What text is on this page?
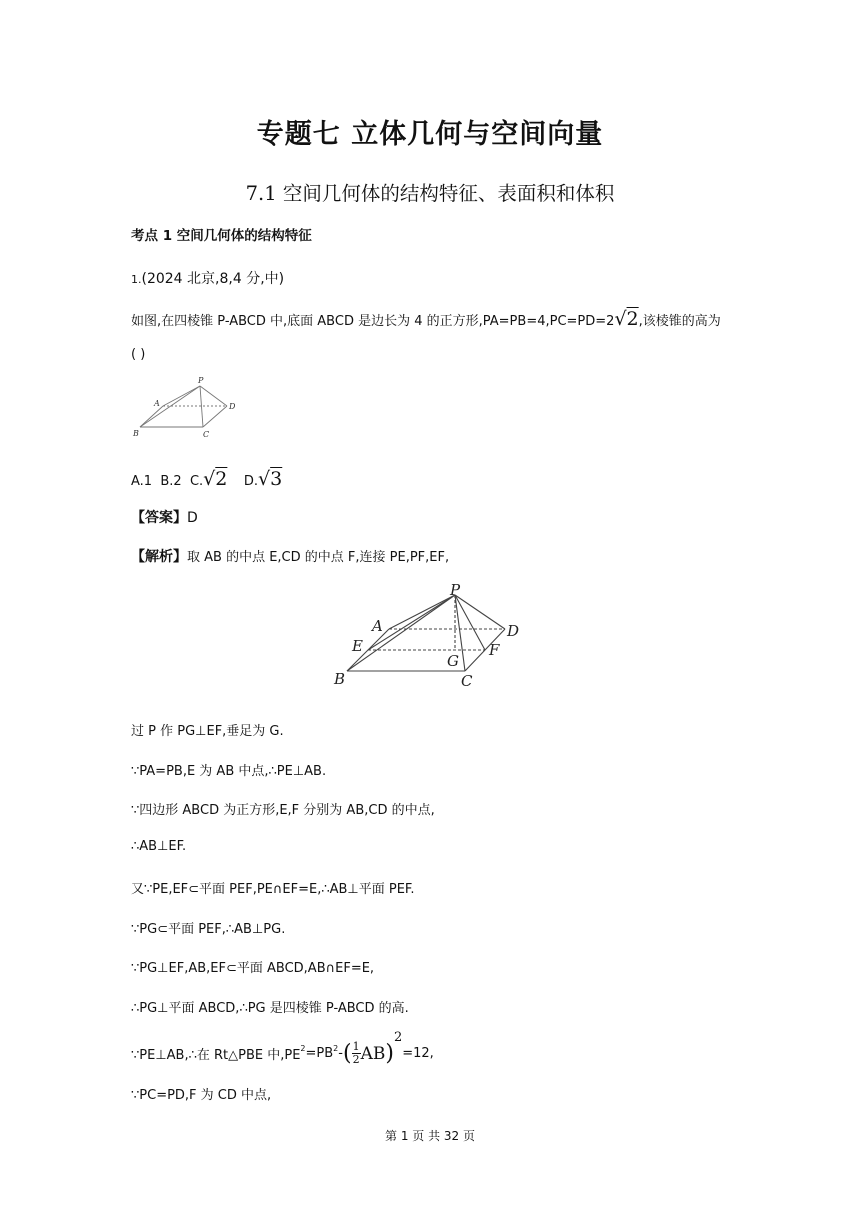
专题七 立体几何与空间向量
7.1 空间几何体的结构特征、表面积和体积
考点 1 空间几何体的结构特征
1.(2024 北京,8,4 分,中)
如图,在四棱锥 P-ABCD 中,底面 ABCD 是边长为 4 的正方形,PA=PB=4,PC=PD=2√2,该棱锥的高为
( )
P
A	D
B	C
A.1 B.2 C.√2 D.√3
【答案】D
【解析】取 AB 的中点 E,CD 的中点 F,连接 PE,PF,EF,
P
A	D
E
G
F
B	C
过 P 作 PG⊥EF,垂足为 G.
∵PA=PB,E 为 AB 中点,∴PE⊥AB.
∵四边形 ABCD 为正方形,E,F 分别为 AB,CD 的中点,
∴AB⊥EF.
又∵PE,EF⊂平面 PEF,PE∩EF=E,∴AB⊥平面 PEF.
∵PG⊂平面 PEF,∴AB⊥PG.
∵PG⊥EF,AB,EF⊂平面 ABCD,AB∩EF=E,
∴PG⊥平面 ABCD,∴PG 是四棱锥 P-ABCD 的高.
∵PE⊥AB,∴在 Rt△PBE 中$,PE^2=PB^2-( \frac{1}{2} AB)^2=12$,
∵PC=PD,F 为 CD 中点,
第 1 页 共 32 页
